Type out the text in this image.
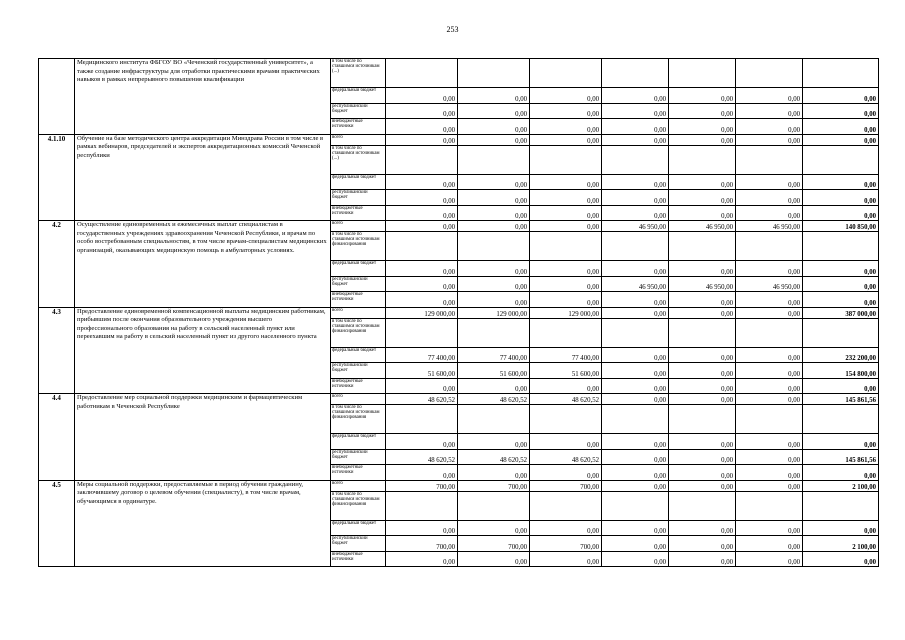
253
	Медицинского института ФБГОУ ВО «Чеченский государственный университет», а также создание инфраструктуры для отработки практическими врачами практических навыков в рамках непрерывного повышения квалификации	в том числе по ставшимся источникам (...)							
		федеральный бюджет	0,00	0,00	0,00	0,00	0,00	0,00	0,00
		республиканский бюджет	0,00	0,00	0,00	0,00	0,00	0,00	0,00
		внебюджетные источники	0,00	0,00	0,00	0,00	0,00	0,00	0,00
4.1.10	Обучение на базе методического центра аккредитации Минздрава России в том числе в рамках вебинаров, председателей и экспертов аккредитационных комиссий Чеченской республики	всего	0,00	0,00	0,00	0,00	0,00	0,00	0,00
		в том числе по ставшимся источникам (...)							
		федеральный бюджет	0,00	0,00	0,00	0,00	0,00	0,00	0,00
		республиканский бюджет	0,00	0,00	0,00	0,00	0,00	0,00	0,00
		внебюджетные источники	0,00	0,00	0,00	0,00	0,00	0,00	0,00
4.2	Осуществление единовременных и ежемесячных выплат специалистам в государственных учреждениях здравоохранения Чеченской Республики, и врачам по особо востребованным специальностям, в том числе врачам-специалистам медицинских организаций, оказывающих медицинскую помощь в амбулаторных условиях.	всего	0,00	0,00	0,00	46 950,00	46 950,00	46 950,00	140 850,00
		в том числе по ставшимся источникам финансирования							
		федеральный бюджет	0,00	0,00	0,00	0,00	0,00	0,00	0,00
		республиканский бюджет	0,00	0,00	0,00	46 950,00	46 950,00	46 950,00	0,00
		внебюджетные источники	0,00	0,00	0,00	0,00	0,00	0,00	0,00
4.3	Предоставление единовременной компенсационной выплаты медицинским работникам, прибывшим после окончания образовательного учреждения высшего профессионального образования на работу в сельский населенный пункт или переехавшим на работу в сельский населенный пункт из другого населенного пункта	всего	129 000,00	129 000,00	129 000,00	0,00	0,00	0,00	387 000,00
		в том числе по ставшимся источникам финансирования							
		федеральный бюджет	77 400,00	77 400,00	77 400,00	0,00	0,00	0,00	232 200,00
		республиканский бюджет	51 600,00	51 600,00	51 600,00	0,00	0,00	0,00	154 800,00
		внебюджетные источники	0,00	0,00	0,00	0,00	0,00	0,00	0,00
4.4	Предоставление мер социальной поддержки медицинским и фармацевтическим работникам в Чеченской Республике	всего	48 620,52	48 620,52	48 620,52	0,00	0,00	0,00	145 861,56
		в том числе по ставшимся источникам финансирования							
		федеральный бюджет	0,00	0,00	0,00	0,00	0,00	0,00	0,00
		республиканский бюджет	48 620,52	48 620,52	48 620,52	0,00	0,00	0,00	145 861,56
		внебюджетные источники	0,00	0,00	0,00	0,00	0,00	0,00	0,00
4.5	Меры социальной поддержки, предоставляемые в период обучения гражданину, заключившему договор о целевом обучении (специалисту), в том числе врачам, обучающимся в ординатуре.	всего	700,00	700,00	700,00	0,00	0,00	0,00	2 100,00
		в том числе по ставшимся источникам финансирования							
		федеральный бюджет	0,00	0,00	0,00	0,00	0,00	0,00	0,00
		республиканский бюджет	700,00	700,00	700,00	0,00	0,00	0,00	2 100,00
		внебюджетные источники	0,00	0,00	0,00	0,00	0,00	0,00	0,00
